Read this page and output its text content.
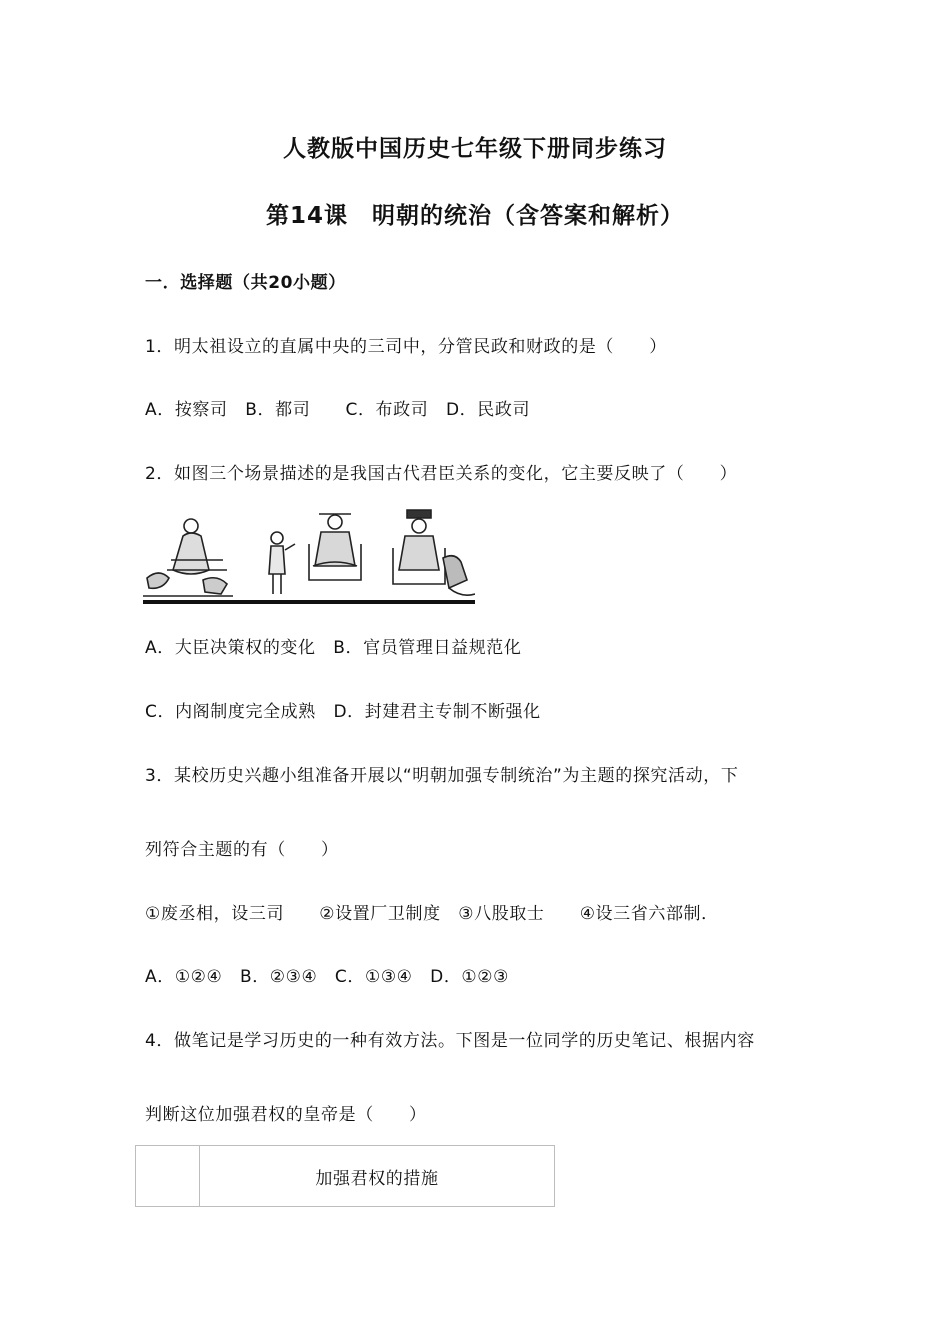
人教版中国历史七年级下册同步练习
第14课　明朝的统治（含答案和解析）
一．选择题（共20小题）
1．明太祖设立的直属中央的三司中，分管民政和财政的是（　　）
A．按察司　B．都司　　C．布政司　D．民政司
2．如图三个场景描述的是我国古代君臣关系的变化，它主要反映了（　　）
A．大臣决策权的变化　B．官员管理日益规范化
C．内阁制度完全成熟　D．封建君主专制不断强化
3．某校历史兴趣小组准备开展以“明朝加强专制统治”为主题的探究活动，下
列符合主题的有（　　）
①废丞相，设三司　　②设置厂卫制度　③八股取士　　④设三省六部制．
A．①②④　B．②③④　C．①③④　D．①②③
4．做笔记是学习历史的一种有效方法。下图是一位同学的历史笔记、根据内容
判断这位加强君权的皇帝是（　　）
加强君权的措施
